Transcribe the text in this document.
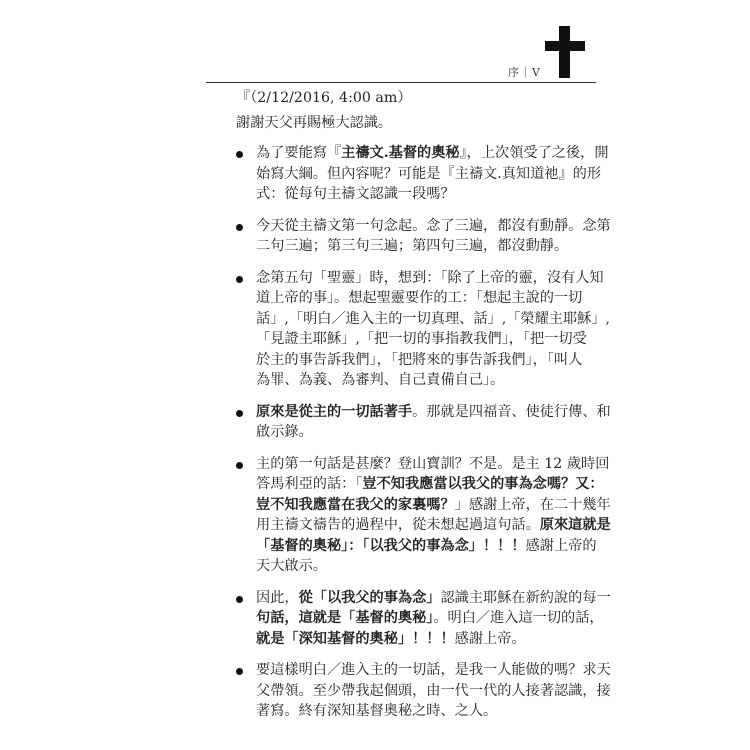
序｜V

『（2/12/2016, 4:00 am）

謝謝天父再賜極大認識。

為了要能寫『主禱文.基督的奧秘』，上次領受了之後，開
始寫大綱。但內容呢？可能是『主禱文.真知道祂』的形
式：從每句主禱文認識一段嗎？
今天從主禱文第一句念起。念了三遍，都沒有動靜。念第
二句三遍；第三句三遍；第四句三遍，都沒動靜。
念第五句「聖靈」時，想到：「除了上帝的靈，沒有人知
道上帝的事」。想起聖靈要作的工：「想起主說的一切
話」,「明白／進入主的一切真理、話」,「榮耀主耶穌」,
「見證主耶穌」,「把一切的事指教我們」，「把一切受
於主的事告訴我們」，「把將來的事告訴我們」，「叫人
為罪、為義、為審判、自己責備自己」。
原來是從主的一切話著手。那就是四福音、使徒行傳、和
啟示錄。
主的第一句話是甚麼？登山寶訓？不是。是主 12 歲時回
答馬利亞的話：「豈不知我應當以我父的事為念嗎？又：
豈不知我應當在我父的家裏嗎？」感謝上帝，在二十幾年
用主禱文禱告的過程中，從未想起過這句話。原來這就是
「基督的奧秘」：「以我父的事為念」！！！感謝上帝的
天大啟示。
因此，從「以我父的事為念」認識主耶穌在新約說的每一
句話，這就是「基督的奧秘」。明白／進入這一切的話，
就是「深知基督的奧秘」！！！感謝上帝。
要這樣明白／進入主的一切話，是我一人能做的嗎？求天
父帶領。至少帶我起個頭，由一代一代的人接著認識，接
著寫。終有深知基督奧秘之時、之人。
